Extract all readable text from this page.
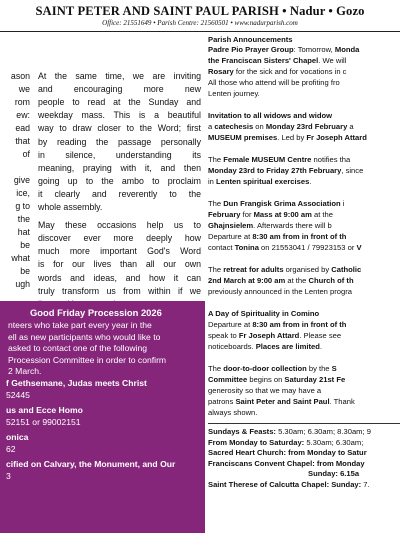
SAINT PETER AND SAINT PAUL PARISH • Nadur • Gozo
Office: 21551649 • Parish Centre: 21560501 • www.nadurparish.com
ason
we
rom
ew:
ead
that
of
give
ice,
g to
the
hat
be
what
be
ugh
At the same time, we are inviting
and encouraging more new
people to read at the Sunday and
weekday mass. This is a beautiful
way to draw closer to the Word; first
by reading the passage personally
in silence, understanding its
meaning, praying with it, and then
going up to the ambo to proclaim
it clearly and reverently to the
whole assembly.
May these occasions help us to
discover ever more deeply how
much more important God's Word
is for our lives than all our own
words and ideas, and how it can
truly transform us from within if we
Good Friday Procession 2026
nteers who take part every year in the
ell as new participants who would like to
asked to contact one of the following
Procession Committee in order to confirm
2 March.
f Gethsemane, Judas meets Christ
52445
us and Ecce Homo
52151 or 99002151
onica
62
cified on Calvary, the Monument, and Our
3
Parish Announcements
Padre Pio Prayer Group: Tomorrow, Monda
the Franciscan Sisters' Chapel. We will
Rosary for the sick and for vocations in c
All those who attend will be profiting fro
Lenten journey.
Invitation to all widows and widow
a catechesis on Monday 23rd February a
MUSEUM premises. Led by Fr Joseph Attard
The Female MUSEUM Centre notifies tha
Monday 23rd to Friday 27th February, since
in Lenten spiritual exercises.
The Dun Frangisk Grima Association i
February for Mass at 9:00 am at the
Għajnsielem. Afterwards there will b
Departure at 8:30 am from in front of th
contact Tonina on 21553041 / 79923153 or V
The retreat for adults organised by Catholic
2nd March at 9:00 am at the Church of th
previously announced in the Lenten progra
A Day of Spirituality in Comino
Departure at 8:30 am from in front of th
speak to Fr Joseph Attard. Please see
noticeboards. Places are limited.
The door-to-door collection by the S
Committee begins on Saturday 21st Fe
generosity so that we may have a
patrons Saint Peter and Saint Paul. Thank
always shown.
Sundays & Feasts: 5.30am; 6.30am; 8.30am; 9
From Monday to Saturday: 5.30am; 6.30am;
Sacred Heart Church: from Monday to Satur
Franciscans Convent Chapel: from Monday
Sunday: 6.15a
Saint Therese of Calcutta Chapel: Sunday: 7.
